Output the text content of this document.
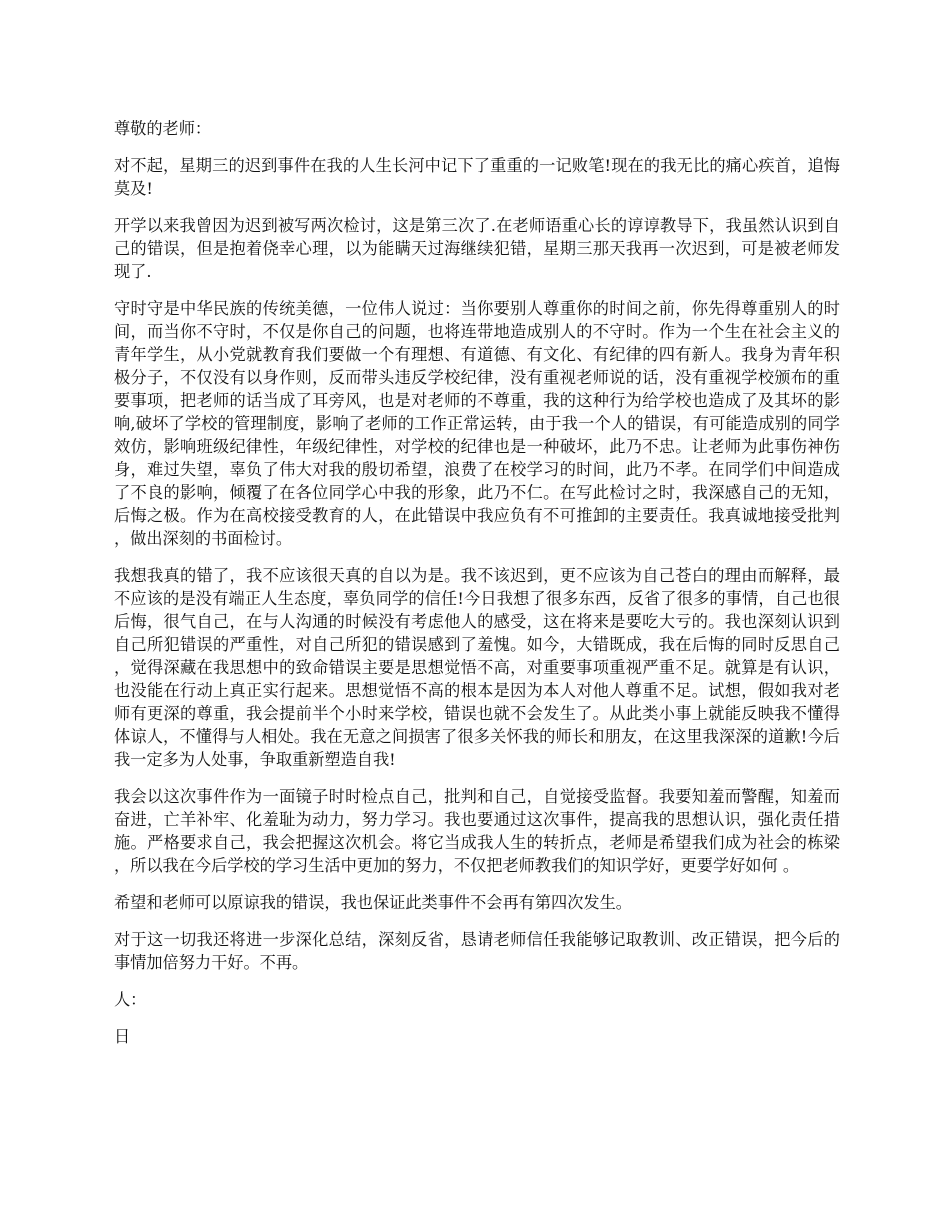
尊敬的老师：

对不起，星期三的迟到事件在我的人生长河中记下了重重的一记败笔!现在的我无比的痛心疾首，追悔莫及!

开学以来我曾因为迟到被写两次检讨，这是第三次了.在老师语重心长的谆谆教导下，我虽然认识到自己的错误，但是抱着侥幸心理，以为能瞒天过海继续犯错，星期三那天我再一次迟到，可是被老师发现了.

守时守是中华民族的传统美德，一位伟人说过：当你要别人尊重你的时间之前，你先得尊重别人的时间，而当你不守时，不仅是你自己的问题，也将连带地造成别人的不守时。作为一个生在社会主义的青年学生，从小党就教育我们要做一个有理想、有道德、有文化、有纪律的四有新人。我身为青年积极分子，不仅没有以身作则，反而带头违反学校纪律，没有重视老师说的话，没有重视学校颁布的重要事项，把老师的话当成了耳旁风，也是对老师的不尊重，我的这种行为给学校也造成了及其坏的影响,破坏了学校的管理制度，影响了老师的工作正常运转，由于我一个人的错误，有可能造成别的同学效仿，影响班级纪律性，年级纪律性，对学校的纪律也是一种破坏，此乃不忠。让老师为此事伤神伤身，难过失望，辜负了伟大对我的殷切希望，浪费了在校学习的时间，此乃不孝。在同学们中间造成了不良的影响，倾覆了在各位同学心中我的形象，此乃不仁。在写此检讨之时，我深感自己的无知，后悔之极。作为在高校接受教育的人，在此错误中我应负有不可推卸的主要责任。我真诚地接受批判，做出深刻的书面检讨。

我想我真的错了，我不应该很天真的自以为是。我不该迟到，更不应该为自己苍白的理由而解释，最不应该的是没有端正人生态度，辜负同学的信任!今日我想了很多东西，反省了很多的事情，自己也很后悔，很气自己，在与人沟通的时候没有考虑他人的感受，这在将来是要吃大亏的。我也深刻认识到自己所犯错误的严重性，对自己所犯的错误感到了羞愧。如今，大错既成，我在后悔的同时反思自己，觉得深藏在我思想中的致命错误主要是思想觉悟不高，对重要事项重视严重不足。就算是有认识，也没能在行动上真正实行起来。思想觉悟不高的根本是因为本人对他人尊重不足。试想，假如我对老师有更深的尊重，我会提前半个小时来学校，错误也就不会发生了。从此类小事上就能反映我不懂得体谅人，不懂得与人相处。我在无意之间损害了很多关怀我的师长和朋友，在这里我深深的道歉!今后我一定多为人处事，争取重新塑造自我!

我会以这次事件作为一面镜子时时检点自己，批判和自己，自觉接受监督。我要知羞而警醒，知羞而奋进，亡羊补牢、化羞耻为动力，努力学习。我也要通过这次事件，提高我的思想认识，强化责任措施。严格要求自己，我会把握这次机会。将它当成我人生的转折点，老师是希望我们成为社会的栋梁，所以我在今后学校的学习生活中更加的努力，不仅把老师教我们的知识学好，更要学好如何 。

希望和老师可以原谅我的错误，我也保证此类事件不会再有第四次发生。

对于这一切我还将进一步深化总结，深刻反省，恳请老师信任我能够记取教训、改正错误，把今后的事情加倍努力干好。不再。

人：

日
